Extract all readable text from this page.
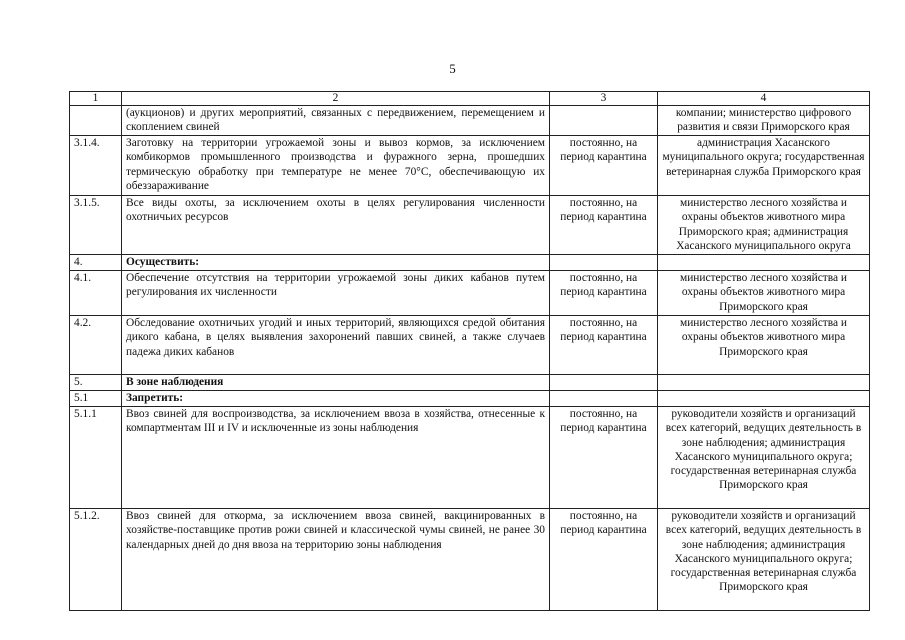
5
1	2	3	4
	(аукционов) и других мероприятий, связанных с передвижением, перемещением и скоплением свиней		компании; министерство цифрового развития и связи Приморского края
3.1.4.	Заготовку на территории угрожаемой зоны и вывоз кормов, за исключением комбикормов промышленного производства и фуражного зерна, прошедших термическую обработку при температуре не менее 70°С, обеспечивающую их обеззараживание	постоянно, на период карантина	администрация Хасанского муниципального округа; государственная ветеринарная служба Приморского края
3.1.5.	Все виды охоты, за исключением охоты в целях регулирования численности охотничьих ресурсов	постоянно, на период карантина	министерство лесного хозяйства и охраны объектов животного мира Приморского края; администрация Хасанского муниципального округа
4.	Осуществить:		
4.1.	Обеспечение отсутствия на территории угрожаемой зоны диких кабанов путем регулирования их численности	постоянно, на период карантина	министерство лесного хозяйства и охраны объектов животного мира Приморского края
4.2.	Обследование охотничьих угодий и иных территорий, являющихся средой обитания дикого кабана, в целях выявления захоронений павших свиней, а также случаев падежа диких кабанов	постоянно, на период карантина	министерство лесного хозяйства и охраны объектов животного мира Приморского края
5.	В зоне наблюдения		
5.1	Запретить:		
5.1.1	Ввоз свиней для воспроизводства, за исключением ввоза в хозяйства, отнесенные к компартментам III и IV и исключенные из зоны наблюдения	постоянно, на период карантина	руководители хозяйств и организаций всех категорий, ведущих деятельность в зоне наблюдения; администрация Хасанского муниципального округа; государственная ветеринарная служба Приморского края
5.1.2.	Ввоз свиней для откорма, за исключением ввоза свиней, вакцинированных в хозяйстве-поставщике против рожи свиней и классической чумы свиней, не ранее 30 календарных дней до дня ввоза на территорию зоны наблюдения	постоянно, на период карантина	руководители хозяйств и организаций всех категорий, ведущих деятельность в зоне наблюдения; администрация Хасанского муниципального округа; государственная ветеринарная служба Приморского края
